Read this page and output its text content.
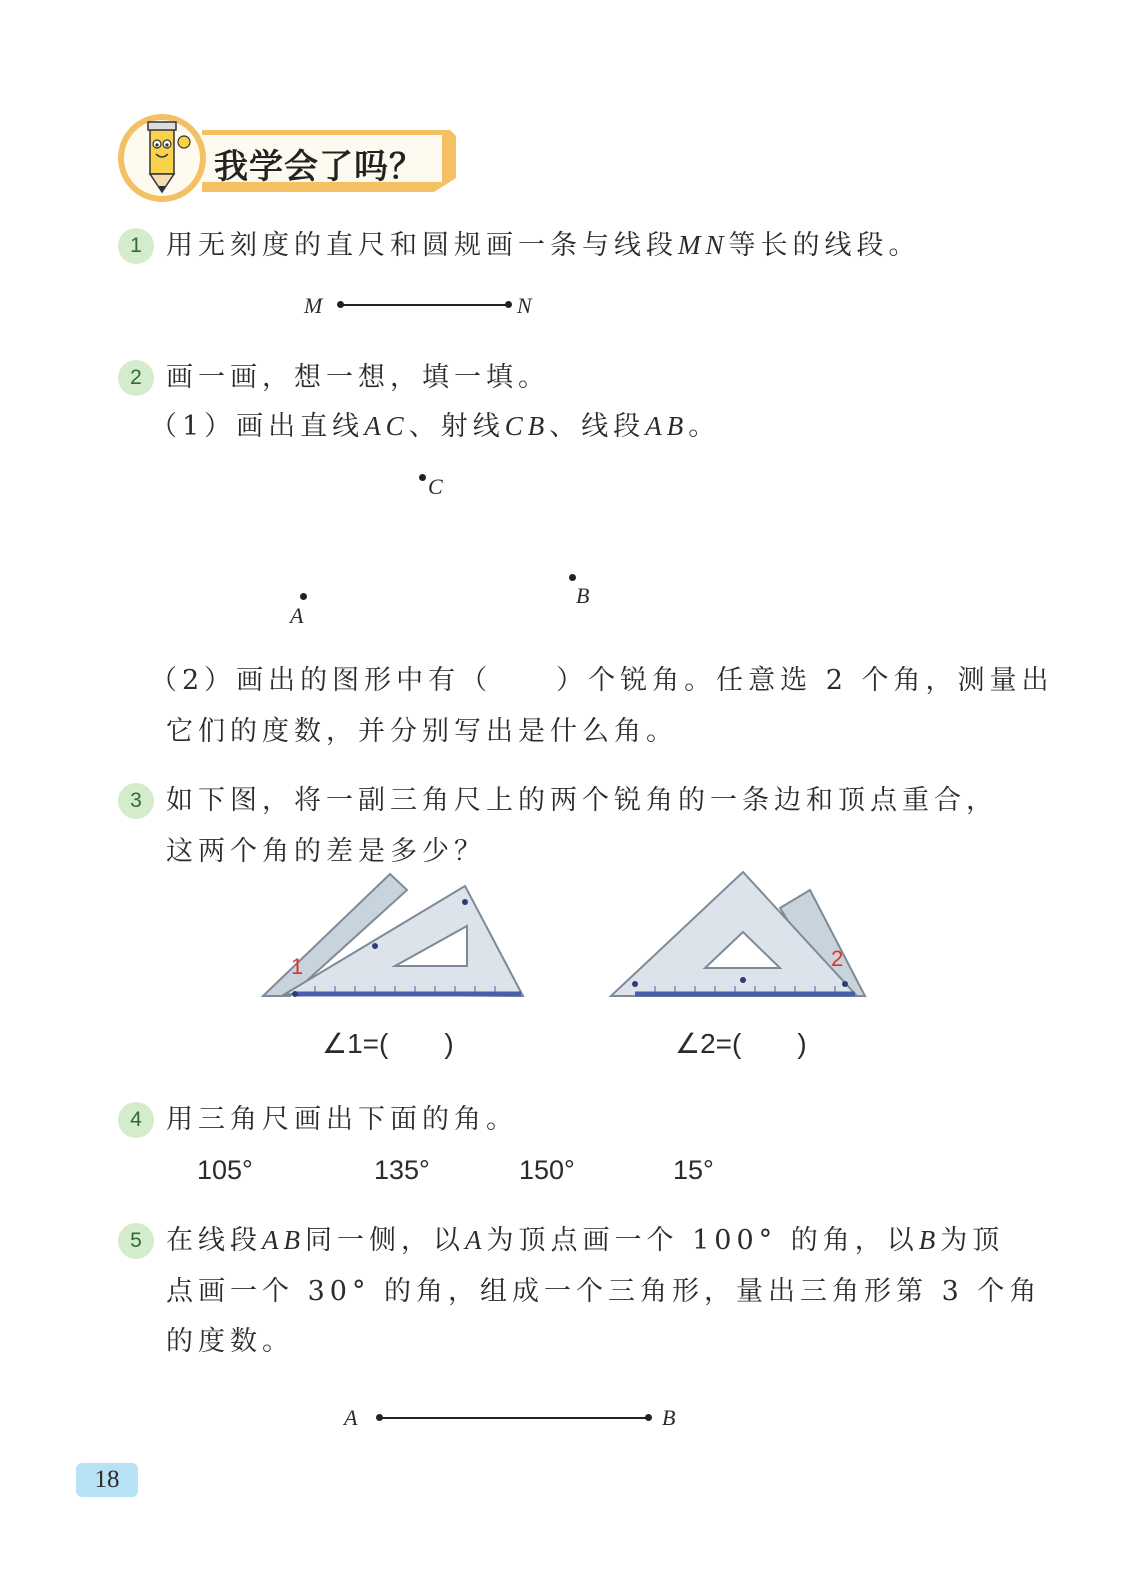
我学会了吗？
1 用无刻度的直尺和圆规画一条与线段MN等长的线段。
M	N
2 画一画，想一想，填一填。
（1）画出直线AC、射线CB、线段AB。
C
B
A
（2）画出的图形中有（　　）个锐角。任意选 2 个角，测量出
它们的度数，并分别写出是什么角。
3 如下图，将一副三角尺上的两个锐角的一条边和顶点重合，
这两个角的差是多少？
1	2
∠1=(　　)	∠2=(　　)
4 用三角尺画出下面的角。
105°	135°	150°	15°
5 在线段AB同一侧，以A为顶点画一个 100° 的角，以B为顶
点画一个 30° 的角，组成一个三角形，量出三角形第 3 个角
的度数。
A	B
18
